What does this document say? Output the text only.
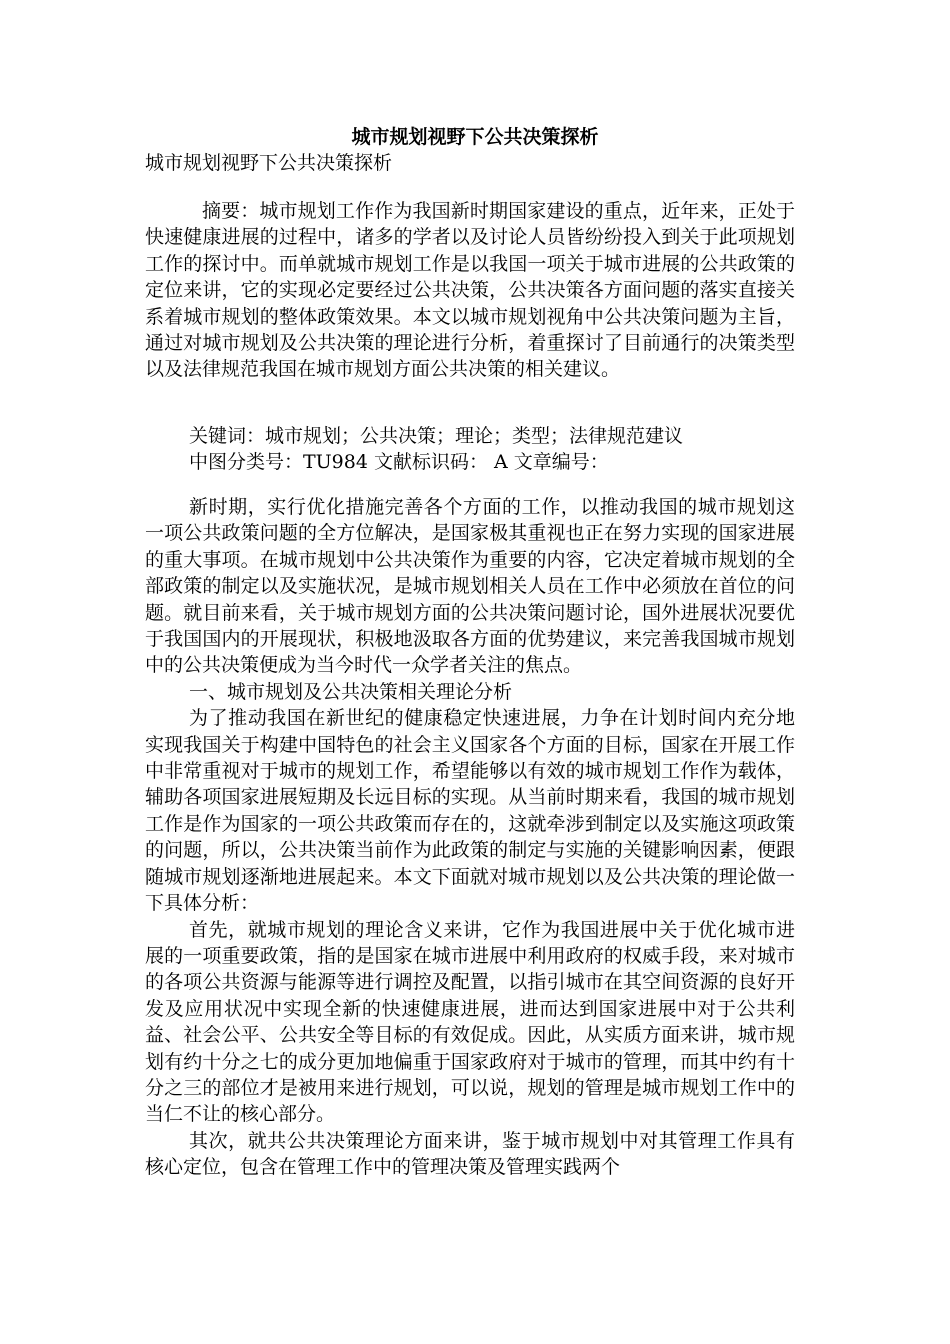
城市规划视野下公共决策探析
城市规划视野下公共决策探析

摘要：城市规划工作作为我国新时期国家建设的重点，近年来，正处于快速健康进展的过程中，诸多的学者以及讨论人员皆纷纷投入到关于此项规划工作的探讨中。而单就城市规划工作是以我国一项关于城市进展的公共政策的定位来讲，它的实现必定要经过公共决策，公共决策各方面问题的落实直接关系着城市规划的整体政策效果。本文以城市规划视角中公共决策问题为主旨，通过对城市规划及公共决策的理论进行分析，着重探讨了目前通行的决策类型以及法律规范我国在城市规划方面公共决策的相关建议。

关键词：城市规划；公共决策；理论；类型；法律规范建议

中图分类号：TU984 文献标识码： A 文章编号：

新时期，实行优化措施完善各个方面的工作，以推动我国的城市规划这一项公共政策问题的全方位解决，是国家极其重视也正在努力实现的国家进展的重大事项。在城市规划中公共决策作为重要的内容，它决定着城市规划的全部政策的制定以及实施状况，是城市规划相关人员在工作中必须放在首位的问题。就目前来看，关于城市规划方面的公共决策问题讨论，国外进展状况要优于我国国内的开展现状，积极地汲取各方面的优势建议，来完善我国城市规划中的公共决策便成为当今时代一众学者关注的焦点。

一、城市规划及公共决策相关理论分析

为了推动我国在新世纪的健康稳定快速进展，力争在计划时间内充分地实现我国关于构建中国特色的社会主义国家各个方面的目标，国家在开展工作中非常重视对于城市的规划工作，希望能够以有效的城市规划工作作为载体，辅助各项国家进展短期及长远目标的实现。从当前时期来看，我国的城市规划工作是作为国家的一项公共政策而存在的，这就牵涉到制定以及实施这项政策的问题，所以，公共决策当前作为此政策的制定与实施的关键影响因素，便跟随城市规划逐渐地进展起来。本文下面就对城市规划以及公共决策的理论做一下具体分析：

首先，就城市规划的理论含义来讲，它作为我国进展中关于优化城市进展的一项重要政策，指的是国家在城市进展中利用政府的权威手段，来对城市的各项公共资源与能源等进行调控及配置，以指引城市在其空间资源的良好开发及应用状况中实现全新的快速健康进展，进而达到国家进展中对于公共利益、社会公平、公共安全等目标的有效促成。因此，从实质方面来讲，城市规划有约十分之七的成分更加地偏重于国家政府对于城市的管理，而其中约有十分之三的部位才是被用来进行规划，可以说，规划的管理是城市规划工作中的当仁不让的核心部分。

其次，就共公共决策理论方面来讲，鉴于城市规划中对其管理工作具有核心定位，包含在管理工作中的管理决策及管理实践两个
